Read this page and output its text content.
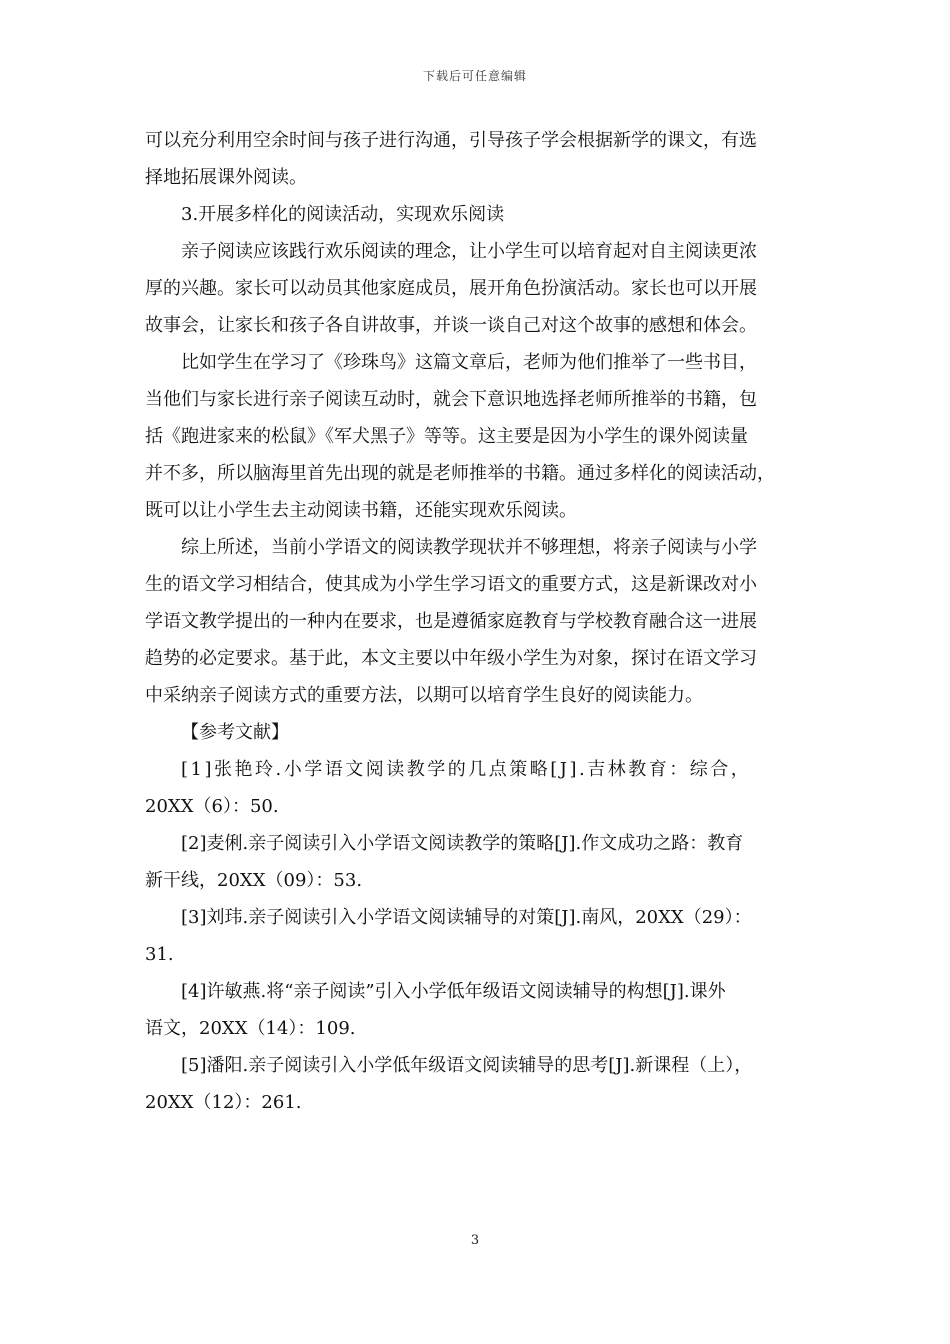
下载后可任意编辑
可以充分利用空余时间与孩子进行沟通，引导孩子学会根据新学的课文，有选
择地拓展课外阅读。
3.开展多样化的阅读活动，实现欢乐阅读
亲子阅读应该践行欢乐阅读的理念，让小学生可以培育起对自主阅读更浓
厚的兴趣。家长可以动员其他家庭成员，展开角色扮演活动。家长也可以开展
故事会，让家长和孩子各自讲故事，并谈一谈自己对这个故事的感想和体会。
比如学生在学习了《珍珠鸟》这篇文章后，老师为他们推举了一些书目，
当他们与家长进行亲子阅读互动时，就会下意识地选择老师所推举的书籍，包
括《跑进家来的松鼠》《军犬黑子》等等。这主要是因为小学生的课外阅读量
并不多，所以脑海里首先出现的就是老师推举的书籍。通过多样化的阅读活动，
既可以让小学生去主动阅读书籍，还能实现欢乐阅读。
综上所述，当前小学语文的阅读教学现状并不够理想，将亲子阅读与小学
生的语文学习相结合，使其成为小学生学习语文的重要方式，这是新课改对小
学语文教学提出的一种内在要求，也是遵循家庭教育与学校教育融合这一进展
趋势的必定要求。基于此，本文主要以中年级小学生为对象，探讨在语文学习
中采纳亲子阅读方式的重要方法，以期可以培育学生良好的阅读能力。
【参考文献】
[1]张艳玲.小学语文阅读教学的几点策略[J].吉林教育：综合，
20XX（6）：50.
[2]麦俐.亲子阅读引入小学语文阅读教学的策略[J].作文成功之路：教育
新干线，20XX（09）：53.
[3]刘玮.亲子阅读引入小学语文阅读辅导的对策[J].南风，20XX（29）：
31.
[4]许敏燕.将“亲子阅读”引入小学低年级语文阅读辅导的构想[J].课外
语文，20XX（14）：109.
[5]潘阳.亲子阅读引入小学低年级语文阅读辅导的思考[J].新课程（上），
20XX（12）：261.
3
